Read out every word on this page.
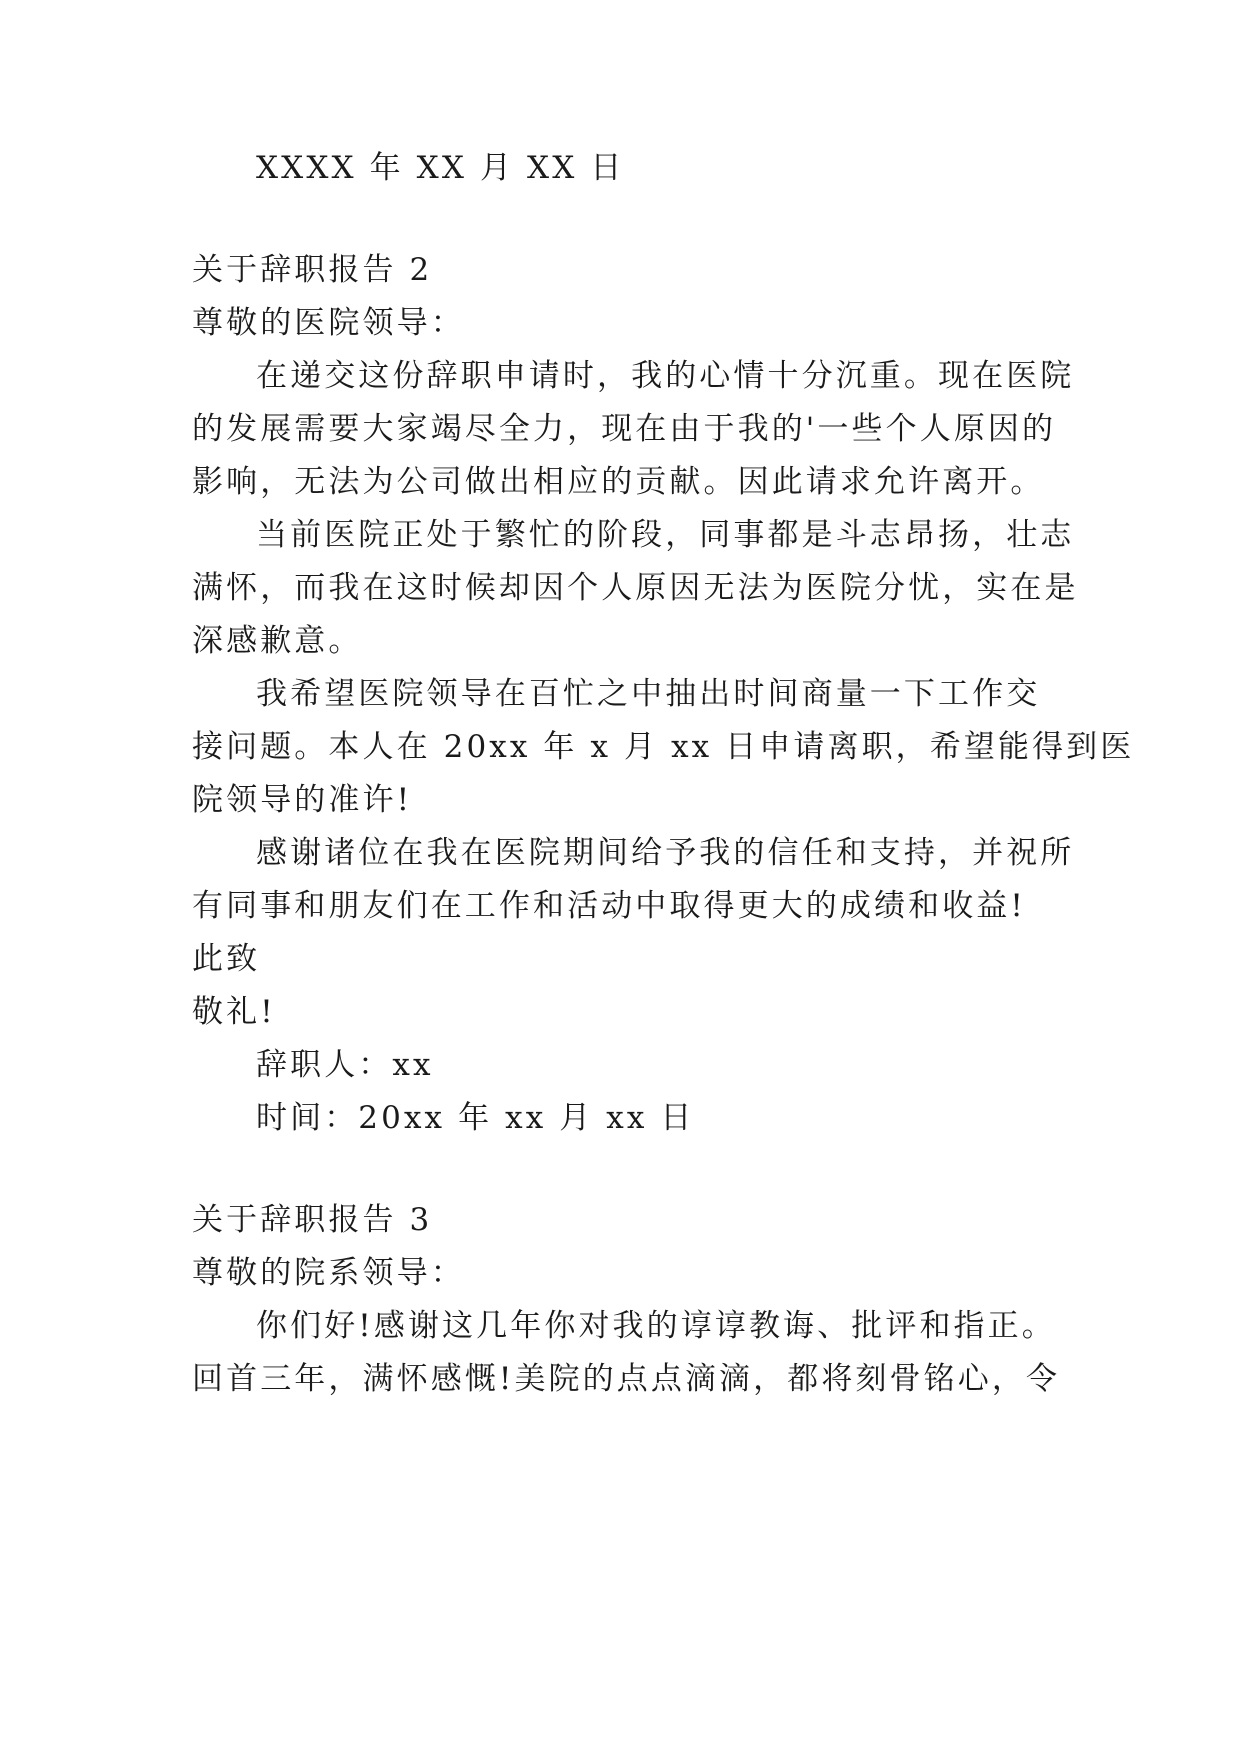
XXXX 年 XX 月 XX 日
关于辞职报告 2
尊敬的医院领导：
在递交这份辞职申请时，我的心情十分沉重。现在医院
的发展需要大家竭尽全力，现在由于我的'一些个人原因的
影响，无法为公司做出相应的贡献。因此请求允许离开。
当前医院正处于繁忙的阶段，同事都是斗志昂扬，壮志
满怀，而我在这时候却因个人原因无法为医院分忧，实在是
深感歉意。
我希望医院领导在百忙之中抽出时间商量一下工作交
接问题。本人在 20xx 年 x 月 xx 日申请离职，希望能得到医
院领导的准许!
感谢诸位在我在医院期间给予我的信任和支持，并祝所
有同事和朋友们在工作和活动中取得更大的成绩和收益!
此致
敬礼!
辞职人：xx
时间：20xx 年 xx 月 xx 日
关于辞职报告 3
尊敬的院系领导：
你们好!感谢这几年你对我的谆谆教诲、批评和指正。
回首三年，满怀感慨!美院的点点滴滴，都将刻骨铭心，令
